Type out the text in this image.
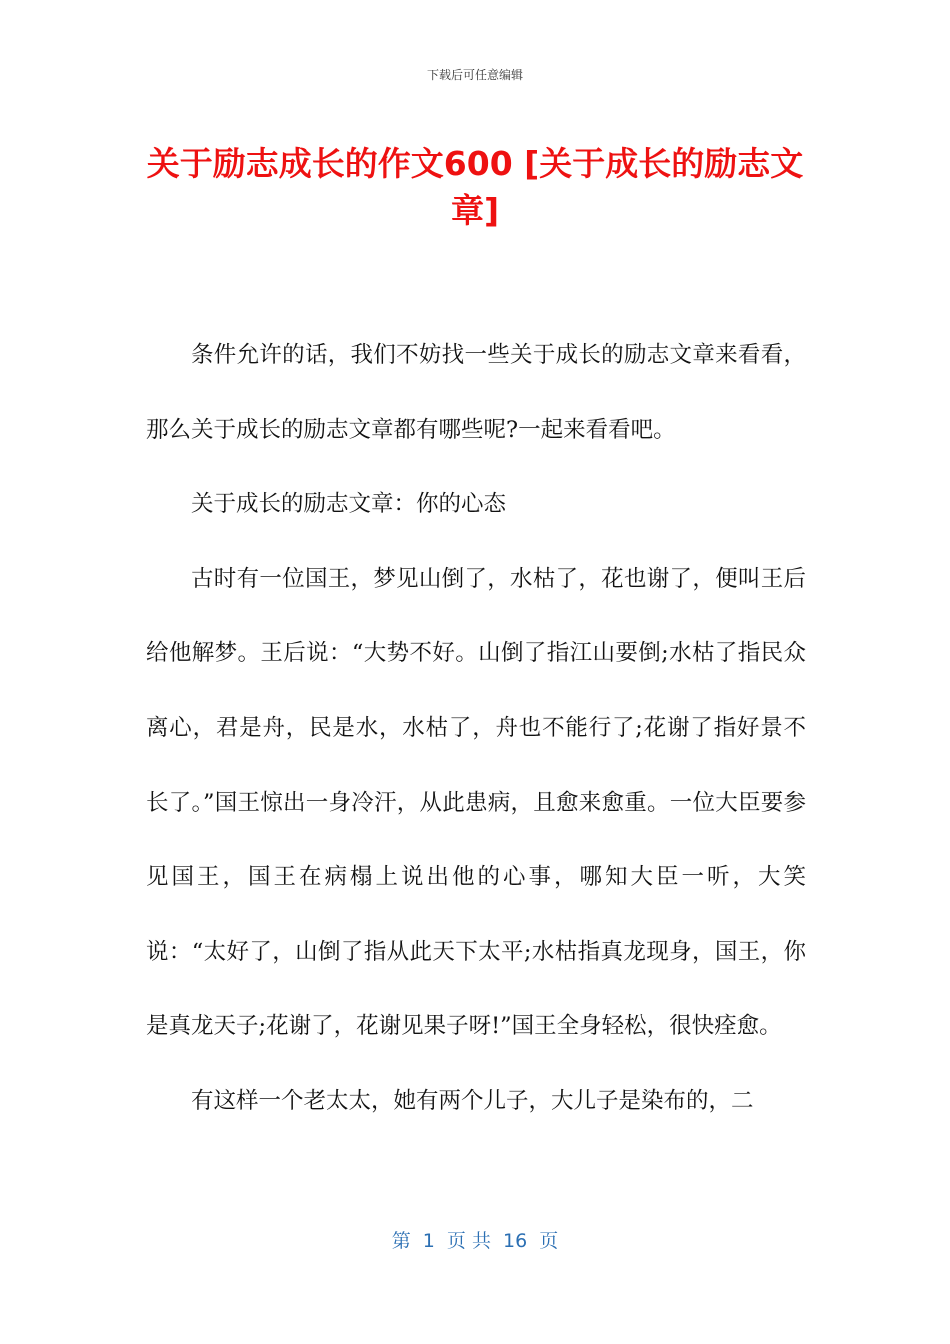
下载后可任意编辑
关于励志成长的作文600 [关于成长的励志文章]

条件允许的话，我们不妨找一些关于成长的励志文章来看看，那么关于成长的励志文章都有哪些呢?一起来看看吧。

关于成长的励志文章：你的心态

古时有一位国王，梦见山倒了，水枯了，花也谢了，便叫王后给他解梦。王后说：“大势不好。山倒了指江山要倒;水枯了指民众离心，君是舟，民是水，水枯了，舟也不能行了;花谢了指好景不长了。”国王惊出一身冷汗，从此患病，且愈来愈重。一位大臣要参见国王，国王在病榻上说出他的心事，哪知大臣一听，大笑说：“太好了，山倒了指从此天下太平;水枯指真龙现身，国王，你是真龙天子;花谢了，花谢见果子呀!”国王全身轻松，很快痊愈。

有这样一个老太太，她有两个儿子，大儿子是染布的，二

第  1  页 共  16  页
